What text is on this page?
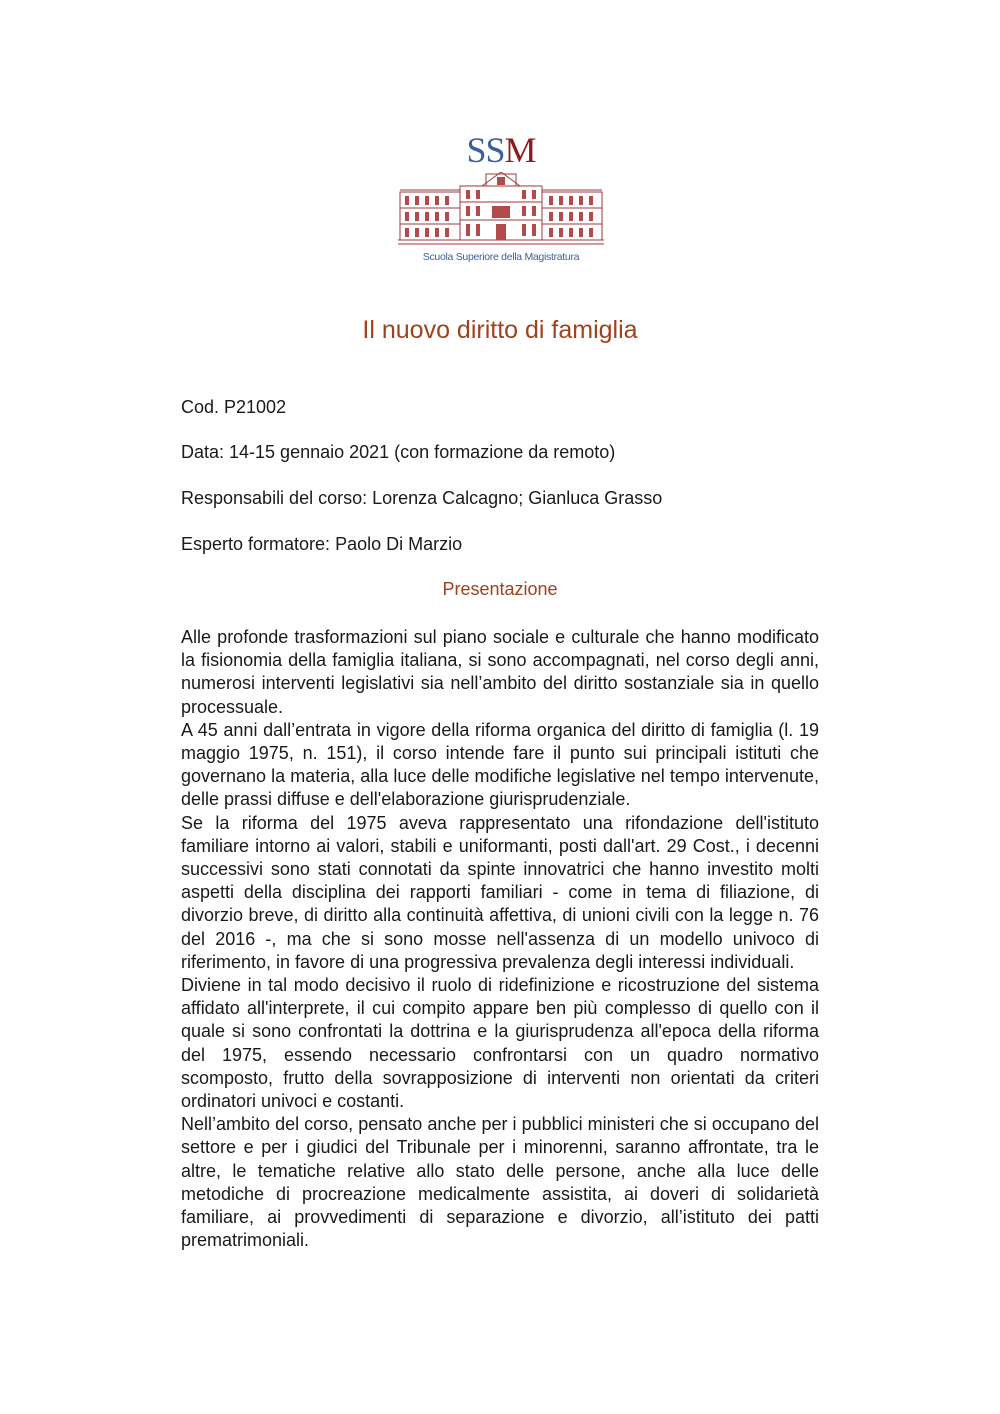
SSM
Scuola Superiore della Magistratura
Il nuovo diritto di famiglia
Cod. P21002
Data: 14-15 gennaio 2021 (con formazione da remoto)
Responsabili del corso: Lorenza Calcagno; Gianluca Grasso
Esperto formatore: Paolo Di Marzio
Presentazione

Alle profonde trasformazioni sul piano sociale e culturale che hanno modificato la fisionomia della famiglia italiana, si sono accompagnati, nel corso degli anni, numerosi interventi legislativi sia nell’ambito del diritto sostanziale sia in quello processuale.

A 45 anni dall’entrata in vigore della riforma organica del diritto di famiglia (l. 19 maggio 1975, n. 151), il corso intende fare il punto sui principali istituti che governano la materia, alla luce delle modifiche legislative nel tempo intervenute, delle prassi diffuse e dell'elaborazione giurisprudenziale.

Se la riforma del 1975 aveva rappresentato una rifondazione dell'istituto familiare intorno ai valori, stabili e uniformanti, posti dall'art. 29 Cost., i decenni successivi sono stati connotati da spinte innovatrici che hanno investito molti aspetti della disciplina dei rapporti familiari - come in tema di filiazione, di divorzio breve, di diritto alla continuità affettiva, di unioni civili con la legge n. 76 del 2016 -, ma che si sono mosse nell'assenza di un modello univoco di riferimento, in favore di una progressiva prevalenza degli interessi individuali.

Diviene in tal modo decisivo il ruolo di ridefinizione e ricostruzione del sistema affidato all'interprete, il cui compito appare ben più complesso di quello con il quale si sono confrontati la dottrina e la giurisprudenza all'epoca della riforma del 1975, essendo necessario confrontarsi con un quadro normativo scomposto, frutto della sovrapposizione di interventi non orientati da criteri ordinatori univoci e costanti.

Nell’ambito del corso, pensato anche per i pubblici ministeri che si occupano del settore e per i giudici del Tribunale per i minorenni, saranno affrontate, tra le altre, le tematiche relative allo stato delle persone, anche alla luce delle metodiche di procreazione medicalmente assistita, ai doveri di solidarietà familiare, ai provvedimenti di separazione e divorzio, all’istituto dei patti prematrimoniali.
